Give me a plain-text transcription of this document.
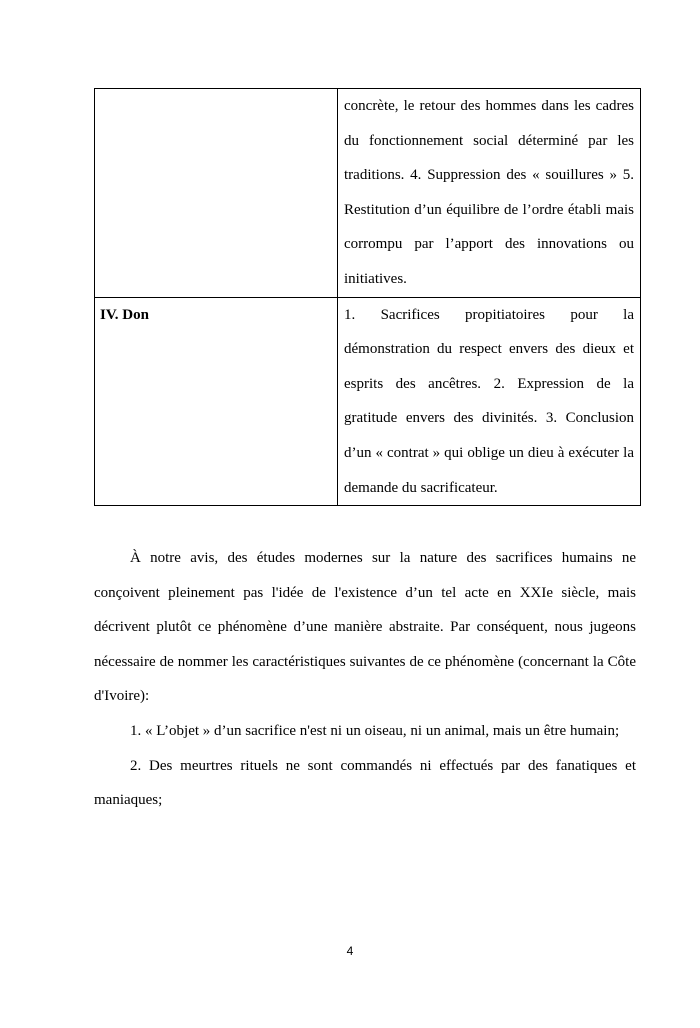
	concrète, le retour des hommes dans les cadres du fonctionnement social déterminé par les traditions. 4. Suppression des « souillures » 5. Restitution d’un équilibre de l’ordre établi mais corrompu par l’apport des innovations ou initiatives.
IV. Don	1. Sacrifices propitiatoires pour la démonstration du respect envers des dieux et esprits des ancêtres. 2. Expression de la gratitude envers des divinités. 3. Conclusion d’un « contrat » qui oblige un dieu à exécuter la demande du sacrificateur.

À notre avis, des études modernes sur la nature des sacrifices humains ne conçoivent pleinement pas l'idée de l'existence d’un tel acte en XXIe siècle, mais décrivent plutôt ce phénomène d’une manière abstraite. Par conséquent, nous jugeons nécessaire de nommer les caractéristiques suivantes de ce phénomène (concernant la Côte d'Ivoire):

1. « L’objet » d’un sacrifice n'est ni un oiseau, ni un animal, mais un être humain;

2. Des meurtres rituels ne sont commandés ni effectués par des fanatiques et maniaques;

4
